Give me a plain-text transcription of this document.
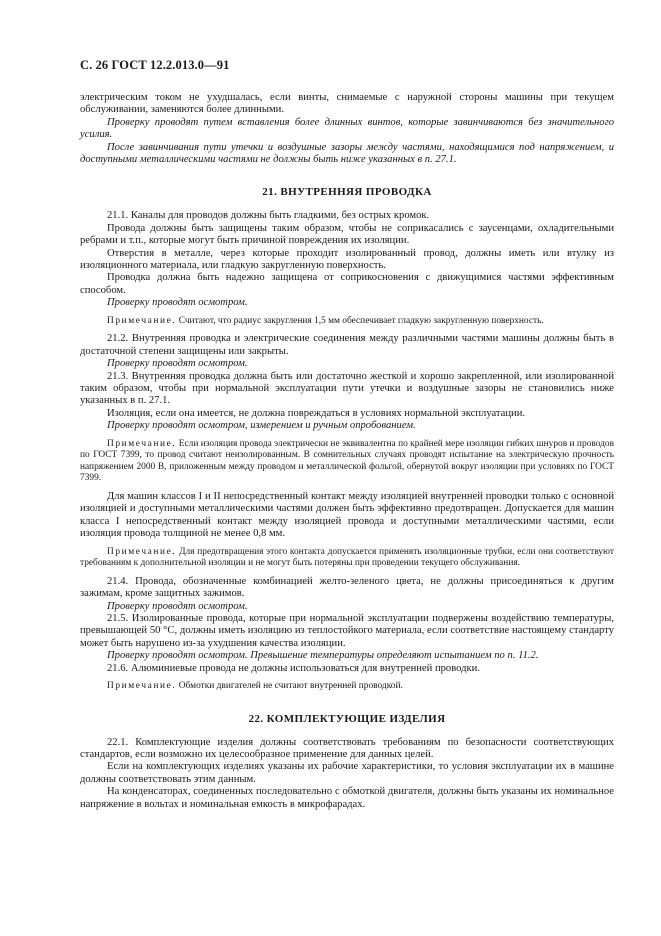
С. 26 ГОСТ 12.2.013.0—91

электрическим током не ухудшалась, если винты, снимаемые с наружной стороны машины при текущем обслуживании, заменяются более длинными.

Проверку проводят путем вставления более длинных винтов, которые завинчиваются без значительного усилия.

После завинчивания пути утечки и воздушные зазоры между частями, находящимися под напряжением, и доступными металлическими частями не должны быть ниже указанных в п. 27.1.

21. ВНУТРЕННЯЯ ПРОВОДКА

21.1. Каналы для проводов должны быть гладкими, без острых кромок.

Провода должны быть защищены таким образом, чтобы не соприкасались с заусенцами, охладительными ребрами и т.п., которые могут быть причиной повреждения их изоляции.

Отверстия в металле, через которые проходит изолированный провод, должны иметь или втулку из изоляционного материала, или гладкую закругленную поверхность.

Проводка должна быть надежно защищена от соприкосновения с движущимися частями эффективным способом.

Проверку проводят осмотром.

Примечание. Считают, что радиус закругления 1,5 мм обеспечивает гладкую закругленную поверхность.

21.2. Внутренняя проводка и электрические соединения между различными частями машины должны быть в достаточной степени защищены или закрыты.

Проверку проводят осмотром.

21.3. Внутренняя проводка должна быть или достаточно жесткой и хорошо закрепленной, или изолированной таким образом, чтобы при нормальной эксплуатации пути утечки и воздушные зазоры не становились ниже указанных в п. 27.1.

Изоляция, если она имеется, не должна повреждаться в условиях нормальной эксплуатации.

Проверку проводят осмотром, измерением и ручным опробованием.

Примечание. Если изоляция провода электрически не эквивалентна по крайней мере изоляции гибких шнуров и проводов по ГОСТ 7399, то провод считают неизолированным. В сомнительных случаях проводят испытание на электрическую прочность напряжением 2000 В, приложенным между проводом и металлической фольгой, обернутой вокруг изоляции при условиях по ГОСТ 7399.

Для машин классов I и II непосредственный контакт между изоляцией внутренней проводки только с основной изоляцией и доступными металлическими частями должен быть эффективно предотвращен. Допускается для машин класса I непосредственный контакт между изоляцией провода и доступными металлическими частями, если изоляция провода толщиной не менее 0,8 мм.

Примечание. Для предотвращения этого контакта допускается применять изоляционные трубки, если они соответствуют требованиям к дополнительной изоляции и не могут быть потеряны при проведении текущего обслуживания.

21.4. Провода, обозначенные комбинацией желто-зеленого цвета, не должны присоединяться к другим зажимам, кроме защитных зажимов.

Проверку проводят осмотром.

21.5. Изолированные провода, которые при нормальной эксплуатации подвержены воздействию температуры, превышающей 50 °С, должны иметь изоляцию из теплостойкого материала, если соответствие настоящему стандарту может быть нарушено из-за ухудшения качества изоляции.

Проверку проводят осмотром. Превышение температуры определяют испытанием по п. 11.2.

21.6. Алюминиевые провода не должны использоваться для внутренней проводки.

Примечание. Обмотки двигателей не считают внутренней проводкой.

22. КОМПЛЕКТУЮЩИЕ ИЗДЕЛИЯ

22.1. Комплектующие изделия должны соответствовать требованиям по безопасности соответствующих стандартов, если возможно их целесообразное применение для данных целей.

Если на комплектующих изделиях указаны их рабочие характеристики, то условия эксплуатации их в машине должны соответствовать этим данным.

На конденсаторах, соединенных последовательно с обмоткой двигателя, должны быть указаны их номинальное напряжение в вольтах и номинальная емкость в микрофарадах.
